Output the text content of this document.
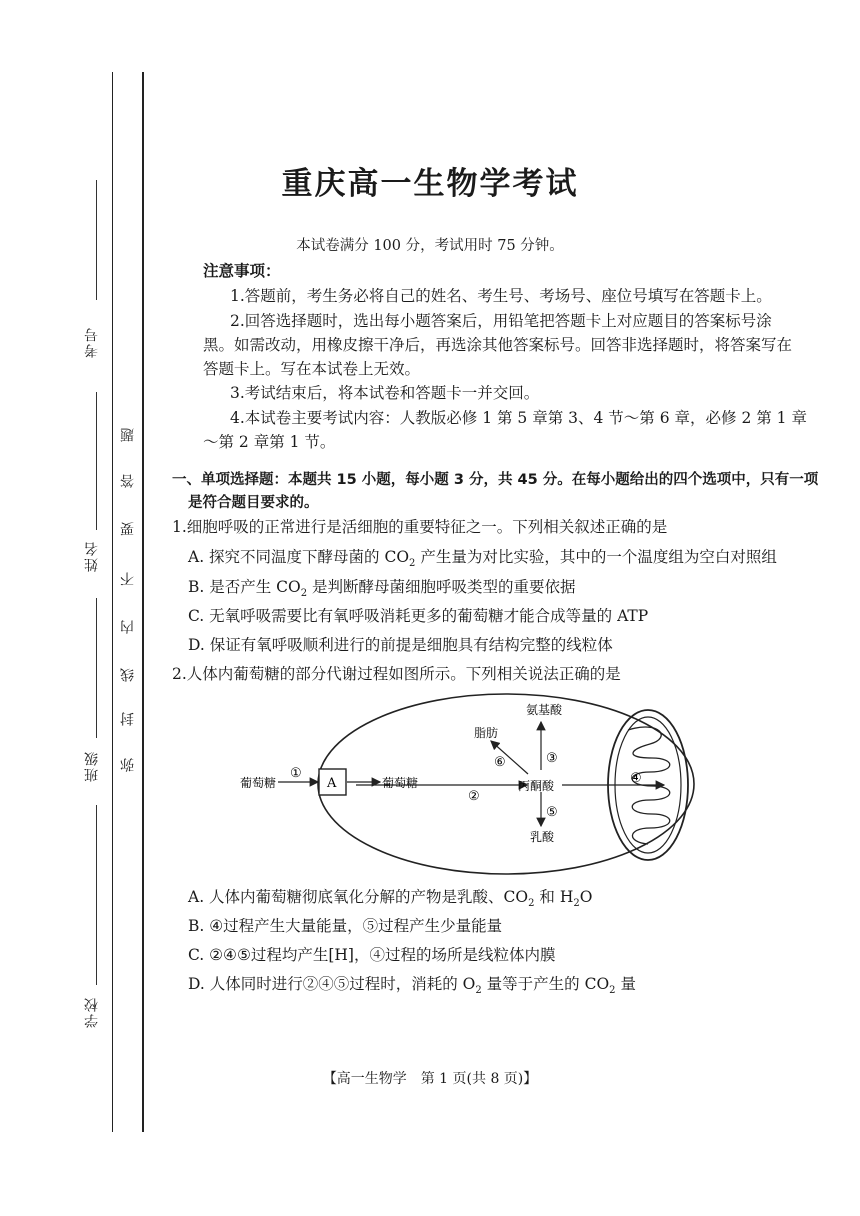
考号
姓名
班级
学校
弥
封
线
内
不
要
答
题
重庆高一生物学考试
本试卷满分 100 分，考试用时 75 分钟。
注意事项：
1.答题前，考生务必将自己的姓名、考生号、考场号、座位号填写在答题卡上。
2.回答选择题时，选出每小题答案后，用铅笔把答题卡上对应题目的答案标号涂
黑。如需改动，用橡皮擦干净后，再选涂其他答案标号。回答非选择题时，将答案写在
答题卡上。写在本试卷上无效。
3.考试结束后，将本试卷和答题卡一并交回。
4.本试卷主要考试内容：人教版必修 1 第 5 章第 3、4 节～第 6 章，必修 2 第 1 章
～第 2 章第 1 节。
一、单项选择题：本题共 15 小题，每小题 3 分，共 45 分。在每小题给出的四个选项中，只有一项
是符合题目要求的。
1.细胞呼吸的正常进行是活细胞的重要特征之一。下列相关叙述正确的是
A. 探究不同温度下酵母菌的 $CO_2$ 产生量为对比实验，其中的一个温度组为空白对照组
B. 是否产生 $CO_2$ 是判断酵母菌细胞呼吸类型的重要依据
C. 无氧呼吸需要比有氧呼吸消耗更多的葡萄糖才能合成等量的 ATP
D. 保证有氧呼吸顺利进行的前提是细胞具有结构完整的线粒体
2.人体内葡萄糖的部分代谢过程如图所示。下列相关说法正确的是
葡萄糖	A	葡萄糖	丙酮酸
脂肪
氨基酸
乳酸
①
②
③
④
⑤
⑥
A. 人体内葡萄糖彻底氧化分解的产物是乳酸、$CO_2$ 和 $H_2O$
B. ④过程产生大量能量，⑤过程产生少量能量
C. ②④⑤过程均产生[H]，④过程的场所是线粒体内膜
D. 人体同时进行②④⑤过程时，消耗的 $O_2$ 量等于产生的 $CO_2$ 量
【高一生物学　第 1 页(共 8 页)】
